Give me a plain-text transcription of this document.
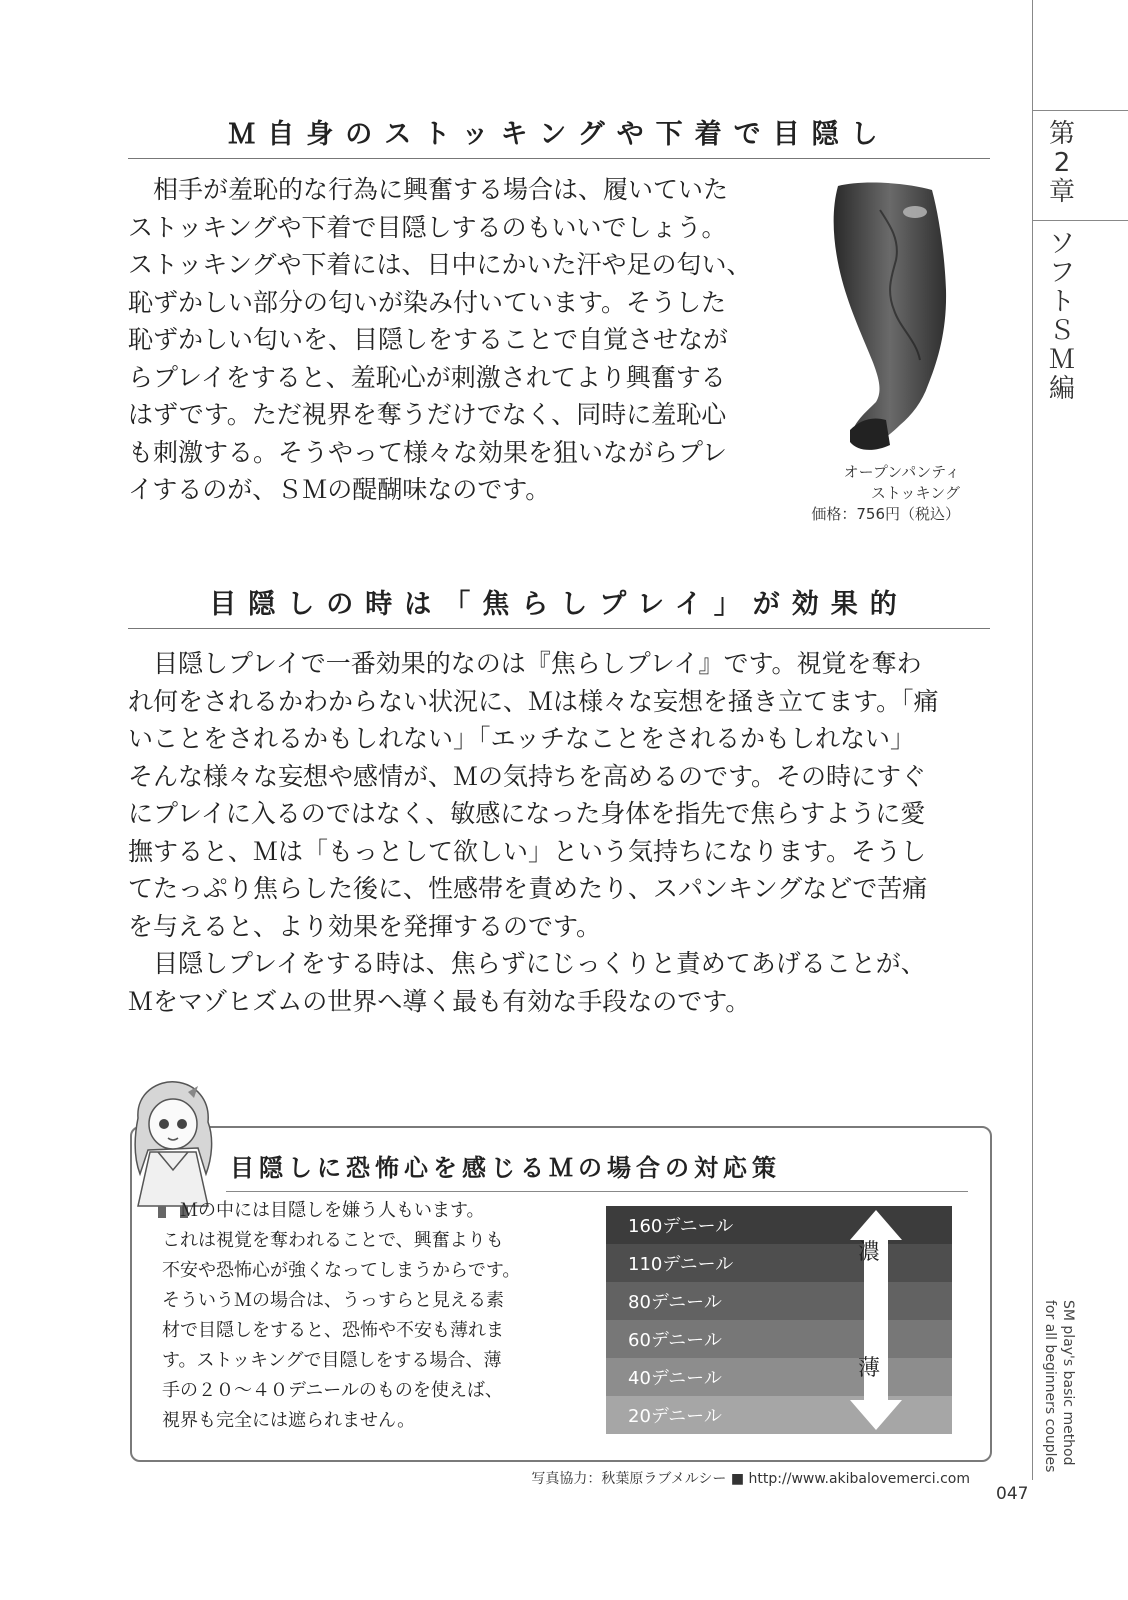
Ｍ自身のストッキングや下着で目隠し
　相手が羞恥的な行為に興奮する場合は、履いていた
ストッキングや下着で目隠しするのもいいでしょう。
ストッキングや下着には、日中にかいた汗や足の匂い、
恥ずかしい部分の匂いが染み付いています。そうした
恥ずかしい匂いを、目隠しをすることで自覚させなが
らプレイをすると、羞恥心が刺激されてより興奮する
はずです。ただ視界を奪うだけでなく、同時に羞恥心
も刺激する。そうやって様々な効果を狙いながらプレ
イするのが、ＳＭの醍醐味なのです。
オープンパンティ
ストッキング
価格：756円（税込）
目隠しの時は「焦らしプレイ」が効果的
　目隠しプレイで一番効果的なのは『焦らしプレイ』です。視覚を奪わ
れ何をされるかわからない状況に、Ｍは様々な妄想を掻き立てます。「痛
いことをされるかもしれない」「エッチなことをされるかもしれない」
そんな様々な妄想や感情が、Ｍの気持ちを高めるのです。その時にすぐ
にプレイに入るのではなく、敏感になった身体を指先で焦らすように愛
撫すると、Ｍは「もっとして欲しい」という気持ちになります。そうし
てたっぷり焦らした後に、性感帯を責めたり、スパンキングなどで苦痛
を与えると、より効果を発揮するのです。
　目隠しプレイをする時は、焦らずにじっくりと責めてあげることが、
Ｍをマゾヒズムの世界へ導く最も有効な手段なのです。
目隠しに恐怖心を感じるＭの場合の対応策
　Ｍの中には目隠しを嫌う人もいます。
これは視覚を奪われることで、興奮よりも
不安や恐怖心が強くなってしまうからです。
そういうＭの場合は、うっすらと見える素
材で目隠しをすると、恐怖や不安も薄れま
す。ストッキングで目隠しをする場合、薄
手の２０〜４０デニールのものを使えば、
視界も完全には遮られません。
160デニール
110デニール
80デニール
60デニール
40デニール
20デニール
濃
薄
第
2
章
ソ
フ
ト
Ｓ
Ｍ
編
SM play's basic method
for all beginners couples
写真協力：秋葉原ラブメルシー ■ http://www.akibalovemerci.com
047
